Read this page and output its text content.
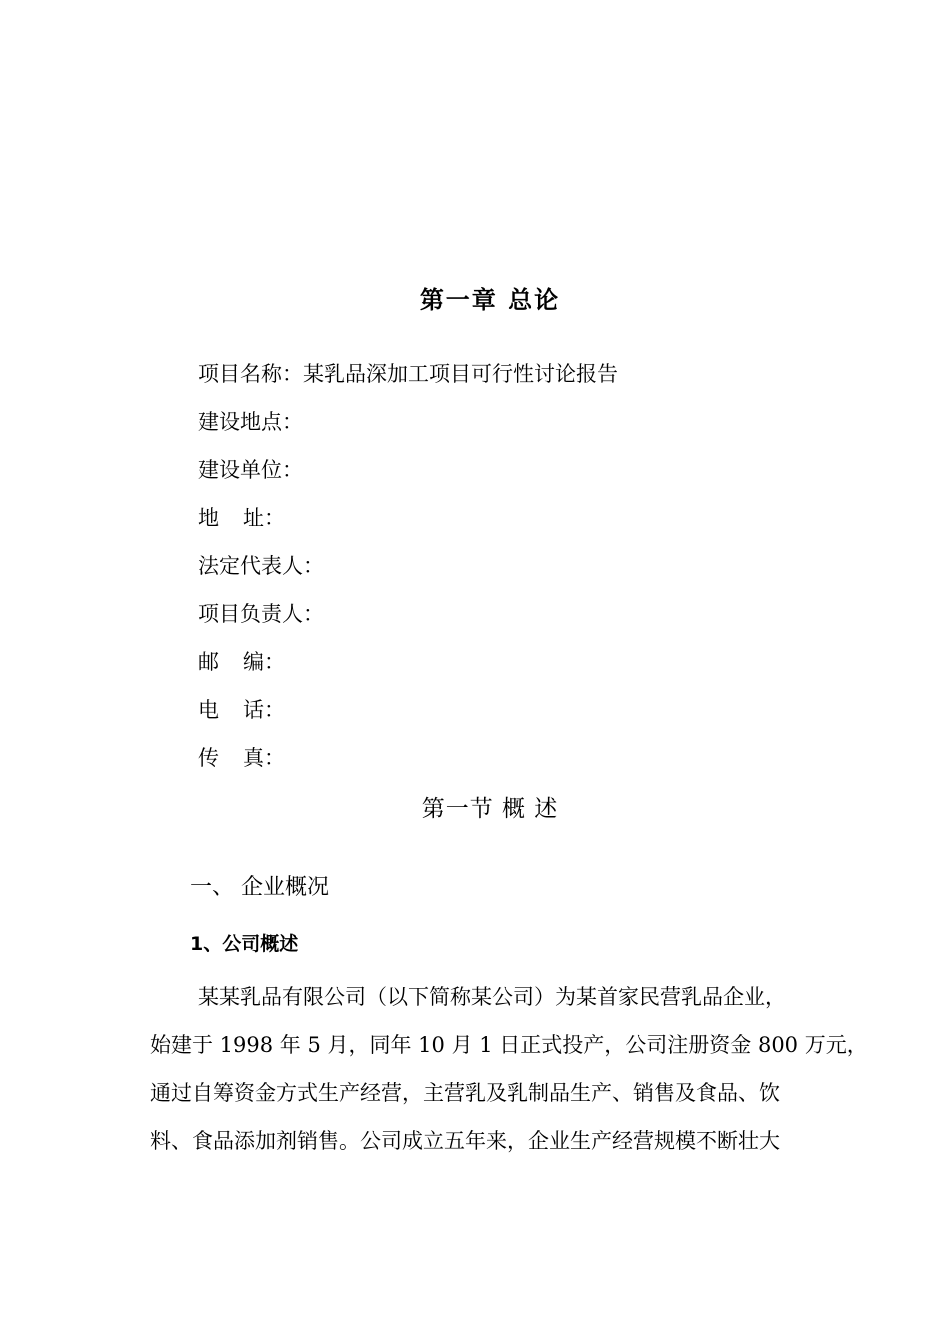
第一章 总论
项目名称：某乳品深加工项目可行性讨论报告
建设地点：
建设单位：
地 址：
法定代表人：
项目负责人：
邮 编：
电 话：
传 真：
第一节 概 述
一、 企业概况
1、公司概述
某某乳品有限公司（以下简称某公司）为某首家民营乳品企业，
始建于 1998 年 5 月，同年 10 月 1 日正式投产，公司注册资金 800 万元，
通过自筹资金方式生产经营，主营乳及乳制品生产、销售及食品、饮
料、食品添加剂销售。公司成立五年来，企业生产经营规模不断壮大
